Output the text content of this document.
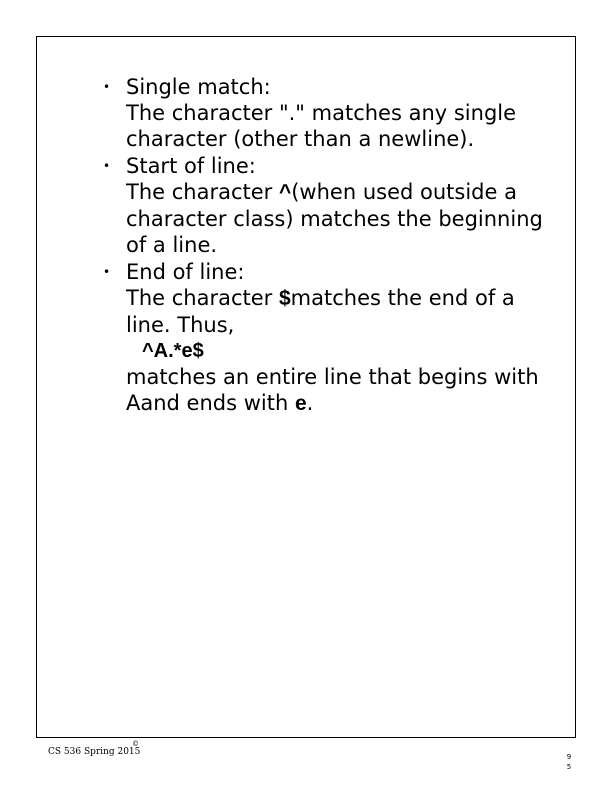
• Single match:
The character "." matches any single character (other than a newline).
• Start of line:
The character ^(when used outside a character class) matches the beginning of a line.
• End of line:
The character $matches the end of a line. Thus,
^A.*e$
matches an entire line that begins with Aand ends with e.
CS 536 Spring 2015
©
9
5
